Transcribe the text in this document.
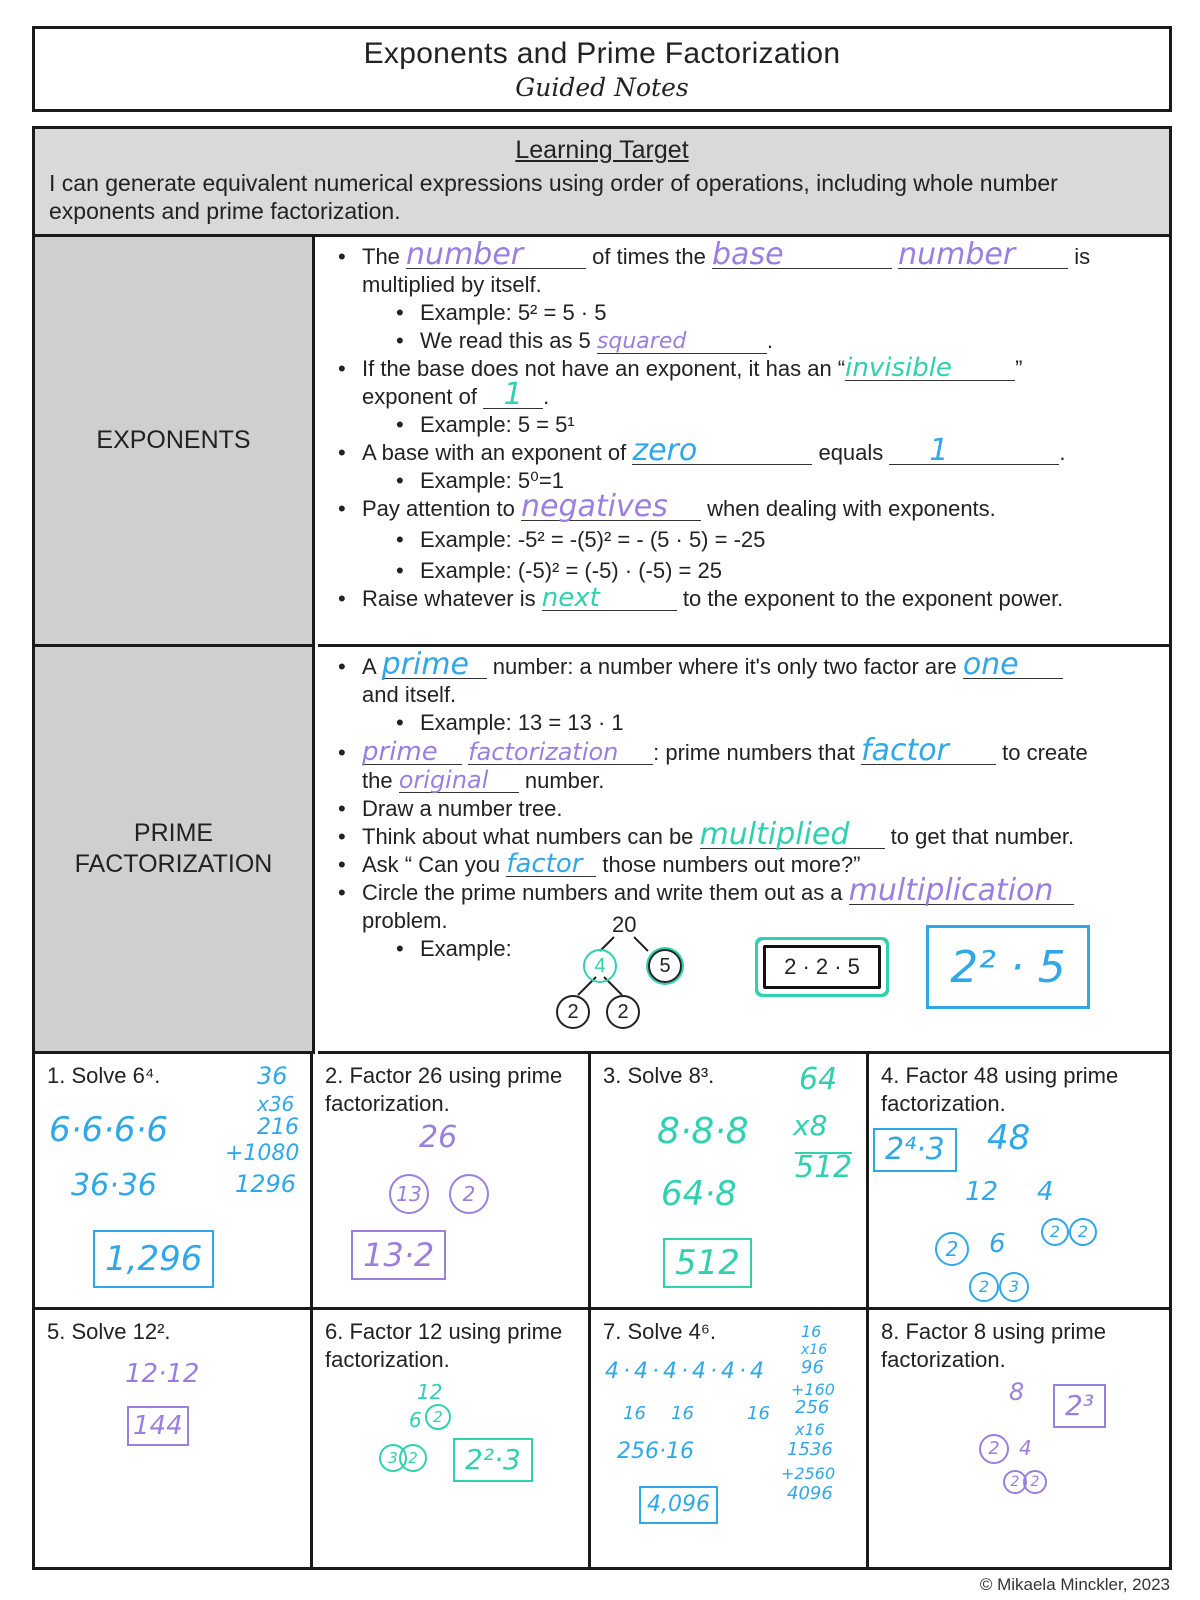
Exponents and Prime Factorization
Guided Notes
Learning Target
I can generate equivalent numerical expressions using order of operations, including whole number exponents and prime factorization.
EXPONENTS
• The number	of times the base	number	is
multiplied by itself.
• Example: 5² = 5 · 5
• We read this as 5 squared	.
• If the base does not have an exponent, it has an “invisible	”
exponent of 1 .
• Example: 5 = 5¹
• A base with an exponent of zero	equals 1	.
• Example: 5⁰=1
• Pay attention to negatives when dealing with exponents.
• Example: -5² = -(5)² = - (5 · 5) = -25
• Example: (-5)² = (-5) · (-5) = 25
• Raise whatever is next	to the exponent to the exponent power.
PRIME
FACTORIZATION
• A prime number: a number where it's only two factor are one
and itself.
• Example: 13 = 13 · 1
• prime factorization : prime numbers that factor to create
the original number.
• Draw a number tree.
• Think about what numbers can be multiplied to get that number.
• Ask “ Can you factor those numbers out more?”
• Circle the prime numbers and write them out as a multiplication
problem.
• Example:
20
4	5
2	2
2 · 2 · 5	2² · 5
1. Solve 6⁴.
6·6·6·6
36·36
36
x36
216
+1080
1296
1,296
2. Factor 26 using prime factorization.
26
13	2
13·2
3. Solve 8³.
8·8·8
64·8
64
x8
512
512
4. Factor 48 using prime factorization.
2⁴·3	48
12 4
2	6	2	2
2	3
5. Solve 12².
12·12
144
6. Factor 12 using prime factorization.
12
6 2
3 2	2²·3
7. Solve 4⁶.
4·4·4·4·4·4
16 16	16
256·16
16
x16
96
+160
256
x16
1536
+2560
4096
4,096
8. Factor 8 using prime factorization.
8
2 4
2 2
2³
© Mikaela Minckler, 2023
